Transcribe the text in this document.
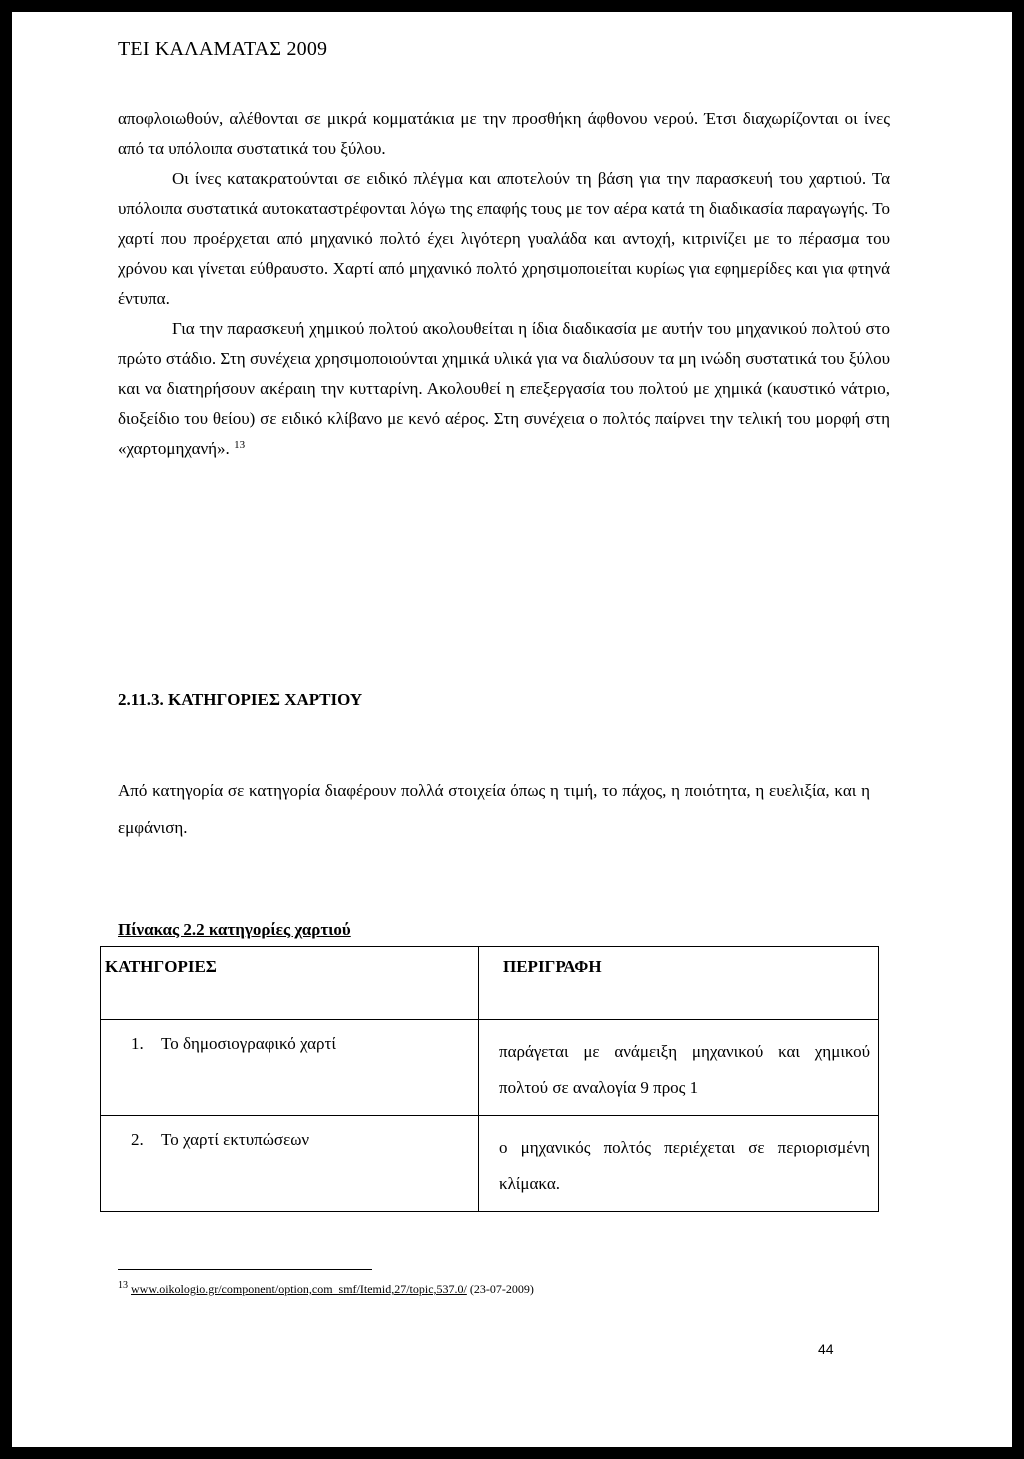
ΤΕΙ ΚΑΛΑΜΑΤΑΣ 2009

αποφλοιωθούν, αλέθονται σε μικρά κομματάκια με την προσθήκη άφθονου νερού. Έτσι διαχωρίζονται οι ίνες από τα υπόλοιπα συστατικά του ξύλου.

Οι ίνες κατακρατούνται σε ειδικό πλέγμα και αποτελούν τη βάση για την παρασκευή του χαρτιού. Τα υπόλοιπα συστατικά αυτοκαταστρέφονται λόγω της επαφής τους με τον αέρα κατά τη διαδικασία παραγωγής. Το χαρτί που προέρχεται από μηχανικό πολτό έχει λιγότερη γυαλάδα και αντοχή, κιτρινίζει με το πέρασμα του χρόνου και γίνεται εύθραυστο. Χαρτί από μηχανικό πολτό χρησιμοποιείται κυρίως για εφημερίδες και για φτηνά έντυπα.

Για την παρασκευή χημικού πολτού ακολουθείται η ίδια διαδικασία με αυτήν του μηχανικού πολτού στο πρώτο στάδιο. Στη συνέχεια χρησιμοποιούνται χημικά υλικά για να διαλύσουν τα μη ινώδη συστατικά του ξύλου και να διατηρήσουν ακέραιη την κυτταρίνη. Ακολουθεί η επεξεργασία του πολτού με χημικά (καυστικό νάτριο, διοξείδιο του θείου) σε ειδικό κλίβανο με κενό αέρος. Στη συνέχεια ο πολτός παίρνει την τελική του μορφή στη «χαρτομηχανή». $^{13}$

2.11.3. ΚΑΤΗΓΟΡΙΕΣ ΧΑΡΤΙΟΥ
Από κατηγορία σε κατηγορία διαφέρουν πολλά στοιχεία όπως η τιμή, το πάχος, η ποιότητα, η ευελιξία, και η εμφάνιση.
Πίνακας 2.2 κατηγορίες χαρτιού
ΚΑΤΗΓΟΡΙΕΣ	ΠΕΡΙΓΡΑΦΗ
1. Το δημοσιογραφικό χαρτί	παράγεται με ανάμειξη μηχανικού και χημικού πολτού σε αναλογία 9 προς 1
2. Το χαρτί εκτυπώσεων	ο μηχανικός πολτός περιέχεται σε περιορισμένη κλίμακα.
$^{13}$ www.oikologio.gr/component/option,com_smf/Itemid,27/topic,537.0/ (23-07-2009)
44
